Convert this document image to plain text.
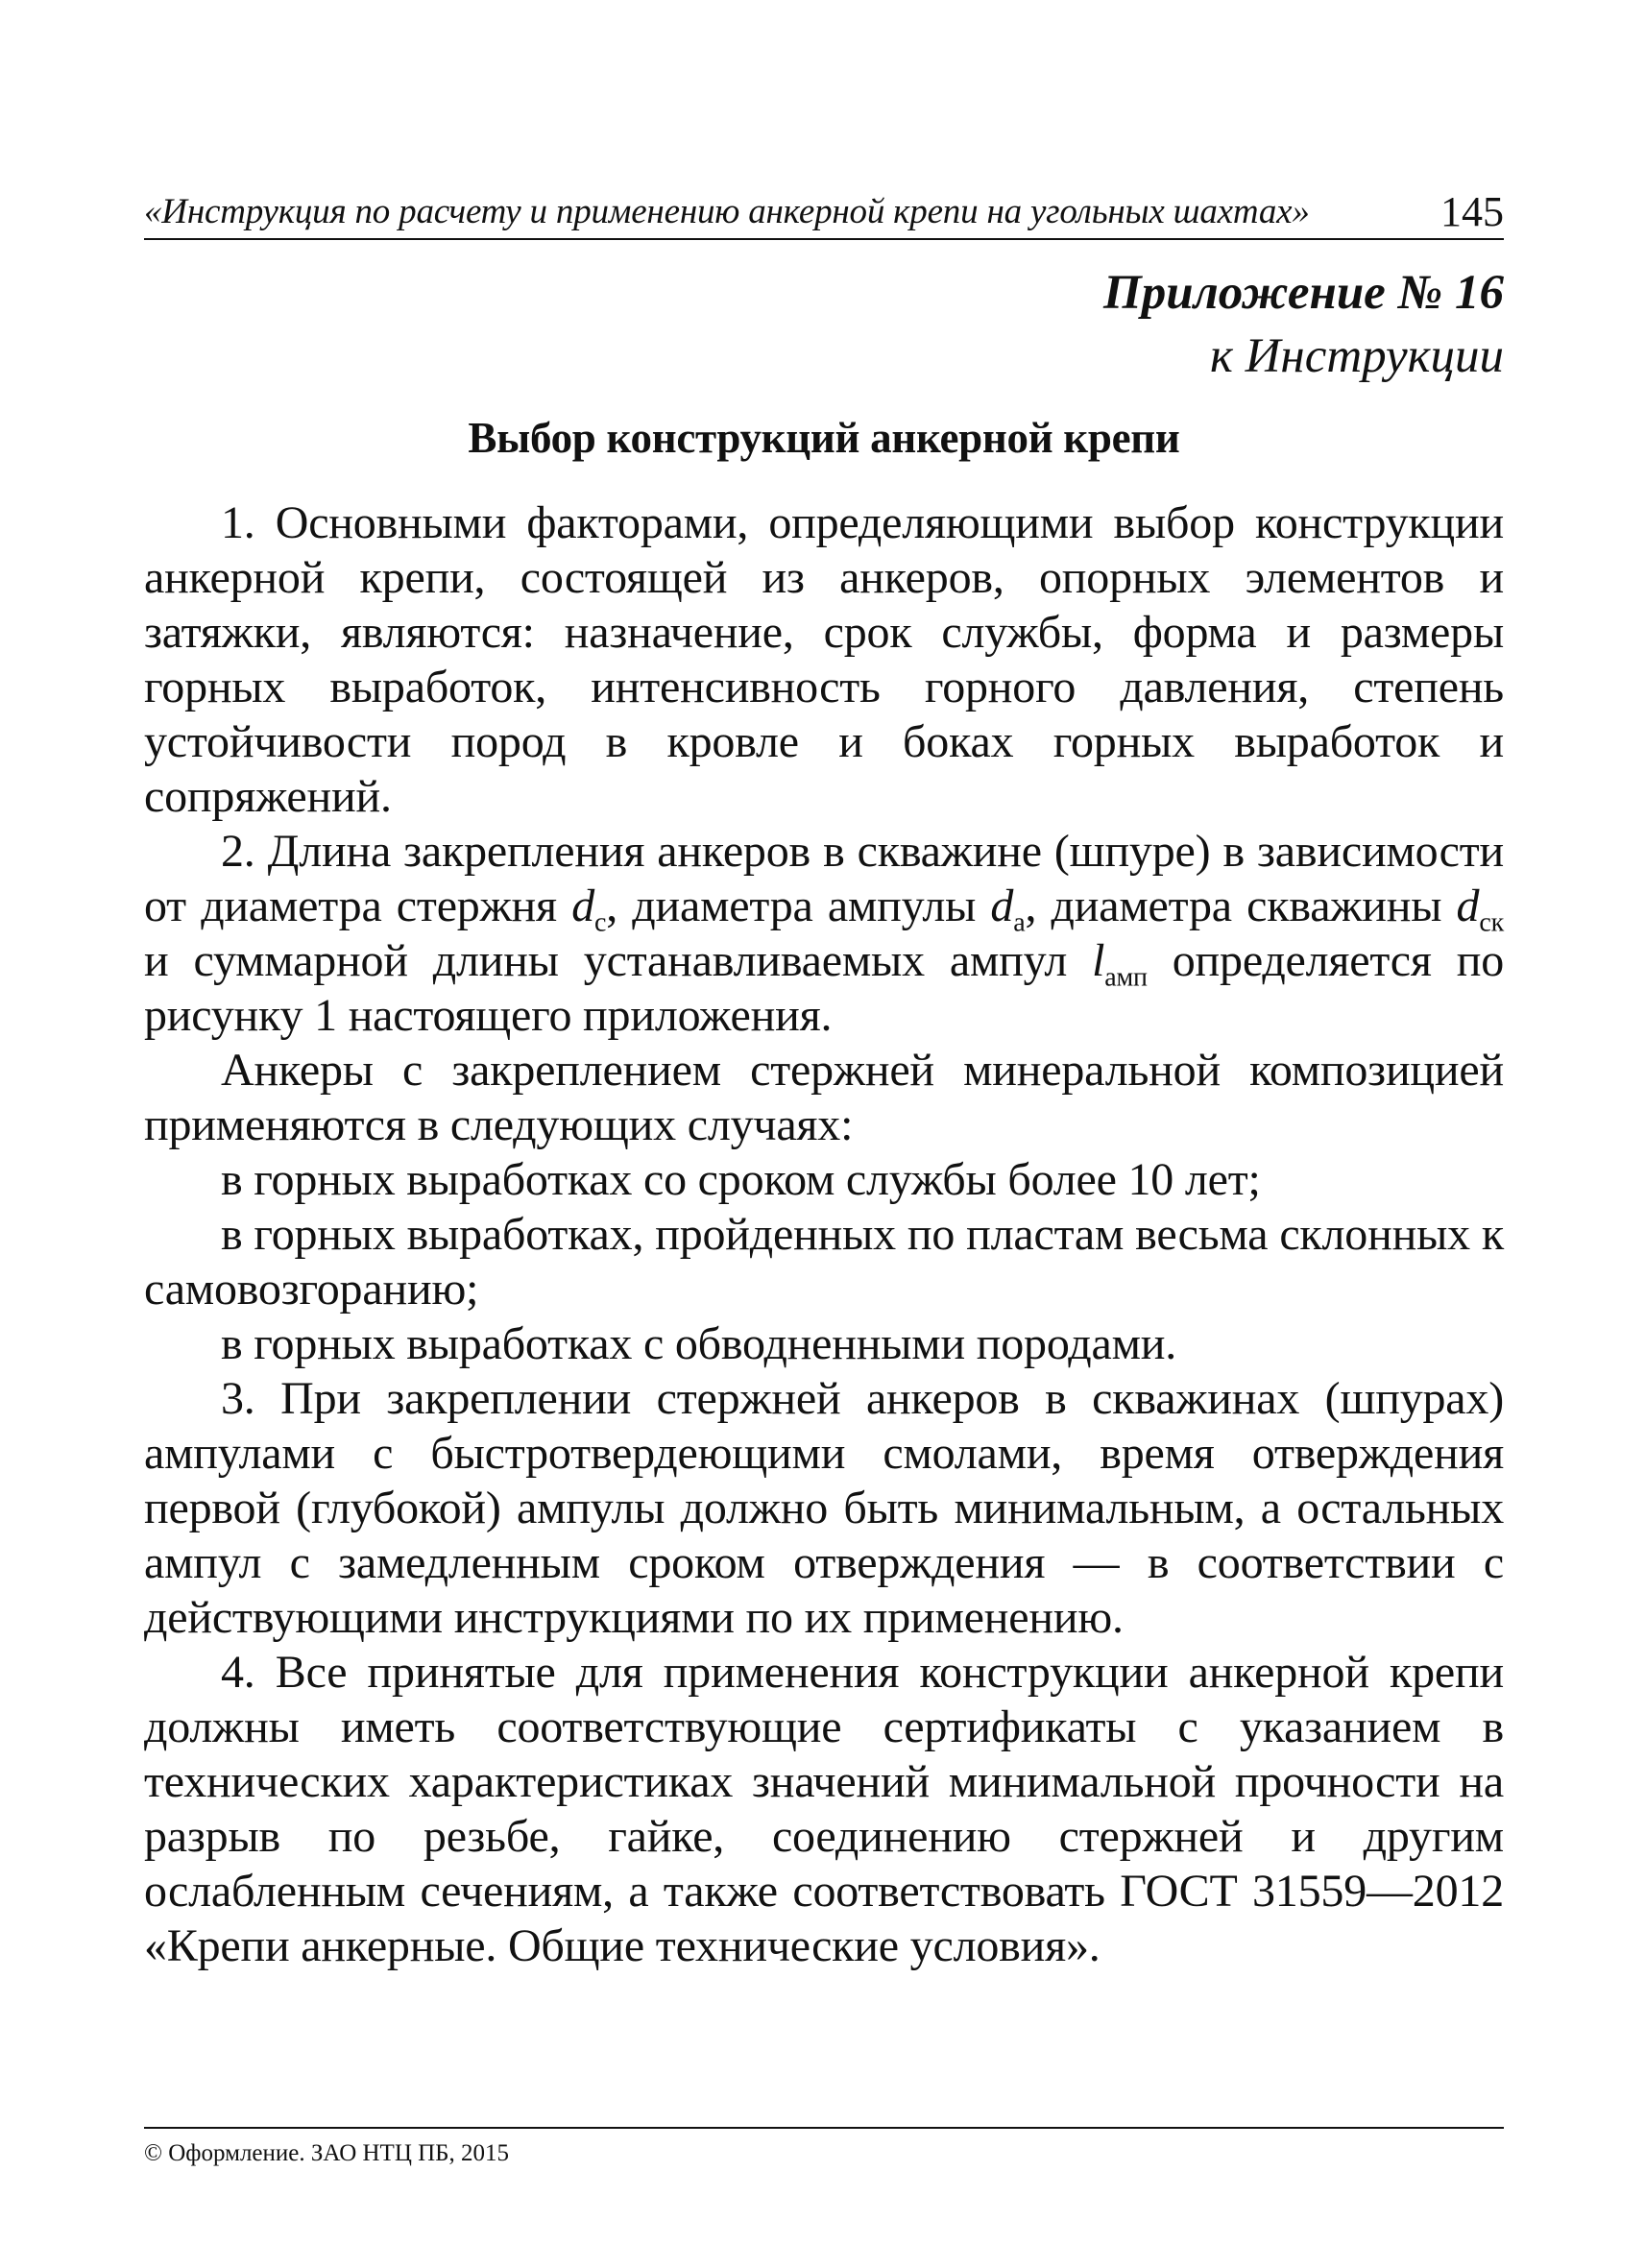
«Инструкция по расчету и применению анкерной крепи на угольных шахтах»	145
Приложение № 16
к Инструкции
Выбор конструкций анкерной крепи

1. Основными факторами, определяющими выбор конструкции анкерной крепи, состоящей из анкеров, опорных элементов и затяжки, являются: назначение, срок службы, форма и размеры горных выработок, интенсивность горного давления, степень устойчивости пород в кровле и боках горных выработок и сопряжений.

2. Длина закрепления анкеров в скважине (шпуре) в зависимости от диаметра стержня $d_с$, диаметра ампулы $d_а$, диаметра скважины $d_{ск}$ и суммарной длины устанавливаемых ампул $l_{амп}$ определяется по рисунку 1 настоящего приложения.

Анкеры с закреплением стержней минеральной композицией применяются в следующих случаях:

в горных выработках со сроком службы более 10 лет;

в горных выработках, пройденных по пластам весьма склонных к самовозгоранию;

в горных выработках с обводненными породами.

3. При закреплении стержней анкеров в скважинах (шпурах) ампулами с быстротвердеющими смолами, время отверждения первой (глубокой) ампулы должно быть минимальным, а остальных ампул с замедленным сроком отверждения — в соответствии с действующими инструкциями по их применению.

4. Все принятые для применения конструкции анкерной крепи должны иметь соответствующие сертификаты с указанием в технических характеристиках значений минимальной прочности на разрыв по резьбе, гайке, соединению стержней и другим ослабленным сечениям, а также соответствовать ГОСТ 31559—2012 «Крепи анкерные. Общие технические условия».

© Оформление. ЗАО НТЦ ПБ, 2015
